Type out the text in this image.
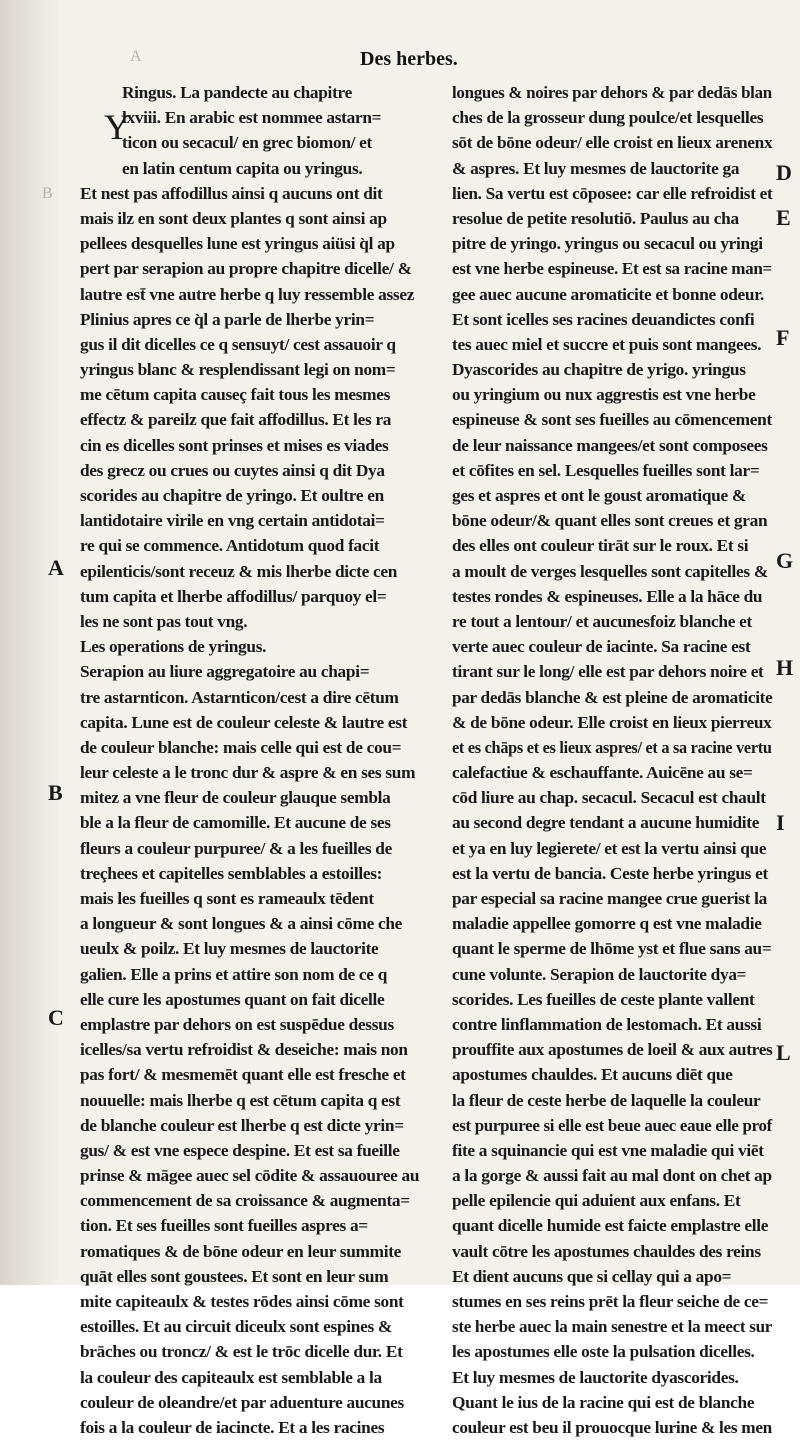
A
B
Des herbes.
Y
A
B
C
D
E
F
G
H
I
L
Ringus. La pandecte au chapitre
lxviii. En arabic est nommee astarn=
ticon ou secacul/ en grec biomon/ et
en latin centum capita ou yringus.
Et nest pas affodillus ainsi q aucuns ont dit
mais ilz en sont deux plantes q sont ainsi ap
pellees desquelles lune est yringus aiüsi q̀l ap
pert par serapion au propre chapitre dicelle/ &
lautre est̄ vne autre herbe q luy ressemble assez
Plinius apres ce q̀l a parle de lherbe yrin=
gus il dit dicelles ce q sensuyt/ cest assauoir q
yringus blanc & resplendissant legi on nom=
me cētum capita causeç fait tous les mesmes
effectz & pareilz que fait affodillus. Et les ra
cin es dicelles sont prinses et mises es viades
des grecz ou crues ou cuytes ainsi q dit Dya
scorides au chapitre de yringo. Et oultre en
lantidotaire virile en vng certain antidotai=
re qui se commence. Antidotum quod facit
epilenticis/sont receuz & mis lherbe dicte cen
tum capita et lherbe affodillus/ parquoy el=
les ne sont pas tout vng.
Les operations de yringus.
Serapion au liure aggregatoire au chapi=
tre astarnticon. Astarnticon/cest a dire cētum
capita. Lune est de couleur celeste & lautre est
de couleur blanche: mais celle qui est de cou=
leur celeste a le tronc dur & aspre & en ses sum
mitez a vne fleur de couleur glauque sembla
ble a la fleur de camomille. Et aucune de ses
fleurs a couleur purpuree/ & a les fueilles de
treçhees et capitelles semblables a estoilles:
mais les fueilles q sont es rameaulx tēdent
a longueur & sont longues & a ainsi cōme che
ueulx & poilz. Et luy mesmes de lauctorite
galien. Elle a prins et attire son nom de ce q
elle cure les apostumes quant on fait dicelle
emplastre par dehors on est suspēdue dessus
icelles/sa vertu refroidist & deseiche: mais non
pas fort/ & mesmemēt quant elle est fresche et
nouuelle: mais lherbe q est cētum capita q est
de blanche couleur est lherbe q est dicte yrin=
gus/ & est vne espece despine. Et est sa fueille
prinse & māgee auec sel cōdite & assauouree au
commencement de sa croissance & augmenta=
tion. Et ses fueilles sont fueilles aspres a=
romatiques & de bōne odeur en leur summite
quāt elles sont goustees. Et sont en leur sum
mite capiteaulx & testes rōdes ainsi cōme sont
estoilles. Et au circuit diceulx sont espines &
brāches ou troncz/ & est le trōc dicelle dur. Et
la couleur des capiteaulx est semblable a la
couleur de oleandre/et par aduenture aucunes
fois a la couleur de iacincte. Et a les racines
longues & noires par dehors & par dedās blan
ches de la grosseur dung poulce/et lesquelles
sōt de bōne odeur/ elle croist en lieux arenenx
& aspres. Et luy mesmes de lauctorite ga
lien. Sa vertu est cōposee: car elle refroidist et
resolue de petite resolutiō. Paulus au cha
pitre de yringo. yringus ou secacul ou yringi
est vne herbe espineuse. Et est sa racine man=
gee auec aucune aromaticite et bonne odeur.
Et sont icelles ses racines deuandictes confi
tes auec miel et succre et puis sont mangees.
Dyascorides au chapitre de yrigo. yringus
ou yringium ou nux aggrestis est vne herbe
espineuse & sont ses fueilles au cōmencement
de leur naissance mangees/et sont composees
et cōfites en sel. Lesquelles fueilles sont lar=
ges et aspres et ont le goust aromatique &
bōne odeur/& quant elles sont creues et gran
des elles ont couleur tirāt sur le roux. Et si
a moult de verges lesquelles sont capitelles &
testes rondes & espineuses. Elle a la hāce du
re tout a lentour/ et aucunesfoiz blanche et
verte auec couleur de iacinte. Sa racine est
tirant sur le long/ elle est par dehors noire et
par dedās blanche & est pleine de aromaticite
& de bōne odeur. Elle croist en lieux pierreux
et es chāps et es lieux aspres/ et a sa racine vertu
calefactiue & eschauffante. Auicēne au se=
cōd liure au chap. secacul. Secacul est chault
au second degre tendant a aucune humidite
et ya en luy legierete/ et est la vertu ainsi que
est la vertu de bancia. Ceste herbe yringus et
par especial sa racine mangee crue guerist la
maladie appellee gomorre q est vne maladie
quant le sperme de lhōme yst et flue sans au=
cune volunte. Serapion de lauctorite dya=
scorides. Les fueilles de ceste plante vallent
contre linflammation de lestomach. Et aussi
prouffite aux apostumes de loeil & aux autres
apostumes chauldes. Et aucuns diēt que
la fleur de ceste herbe de laquelle la couleur
est purpuree si elle est beue auec eaue elle prof
fite a squinancie qui est vne maladie qui viēt
a la gorge & aussi fait au mal dont on chet ap
pelle epilencie qui aduient aux enfans. Et
quant dicelle humide est faicte emplastre elle
vault cōtre les apostumes chauldes des reins
Et dient aucuns que si cellay qui a apo=
stumes en ses reins prēt la fleur seiche de ce=
ste herbe auec la main senestre et la meect sur
les apostumes elle oste la pulsation dicelles.
Et luy mesmes de lauctorite dyascorides.
Quant le ius de la racine qui est de blanche
couleur est beu il prouocque lurine & les men
